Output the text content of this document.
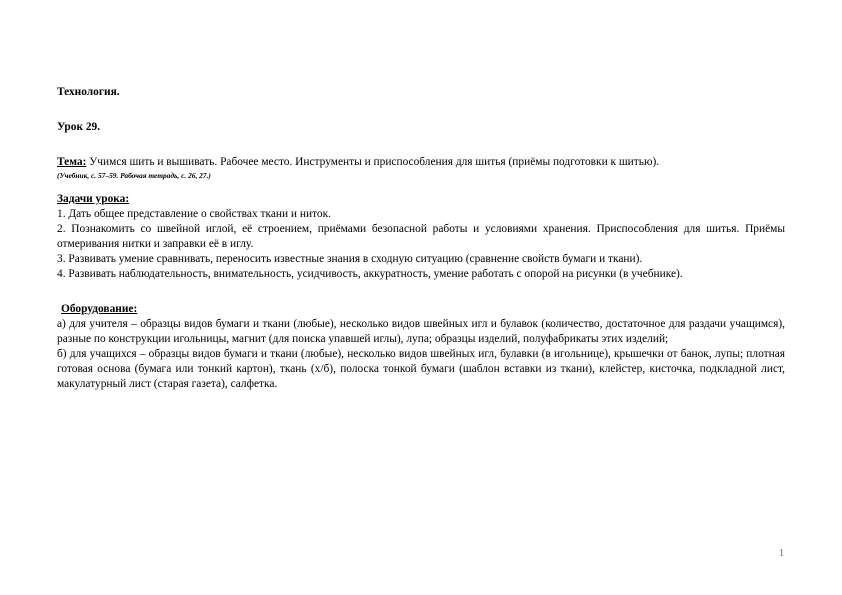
Технология.

Урок 29.

Тема: Учимся шить и вышивать. Рабочее место. Инструменты и приспособления для шитья (приёмы подготовки к шитью).

(Учебник, с. 57–59. Рабочая тетрадь, с. 26, 27.)

Задачи урока:

1. Дать общее представление о свойствах ткани и ниток.

2. Познакомить со швейной иглой, её строением, приёмами безопасной работы и условиями хранения. Приспособления для шитья. Приёмы отмеривания нитки и заправки её в иглу.

3. Развивать умение сравнивать, переносить известные знания в сходную ситуацию (сравнение свойств бумаги и ткани).

4. Развивать наблюдательность, внимательность, усидчивость, аккуратность, умение работать с опорой на рисунки (в учебнике).

Оборудование:

а) для учителя – образцы видов бумаги и ткани (любые), несколько видов швейных игл и булавок (количество, достаточное для раздачи учащимся), разные по конструкции игольницы, магнит (для поиска упавшей иглы), лупа; образцы изделий, полуфабрикаты этих изделий;

б) для учащихся – образцы видов бумаги и ткани (любые), несколько видов швейных игл, булавки (в игольнице), крышечки от банок, лупы; плотная готовая основа (бумага или тонкий картон), ткань (х/б), полоска тонкой бумаги (шаблон вставки из ткани), клейстер, кисточка, подкладной лист, макулатурный лист (старая газета), салфетка.

1
